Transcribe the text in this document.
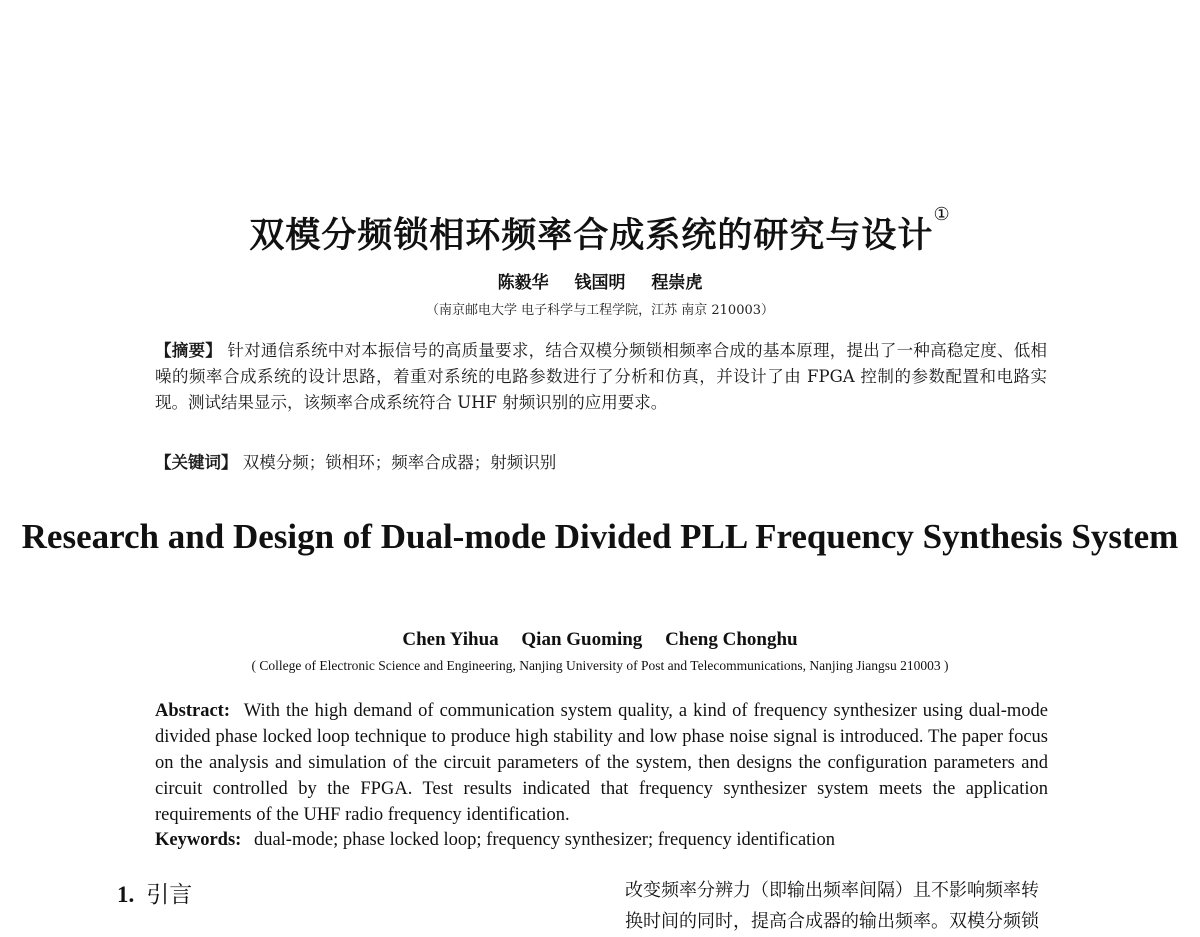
双模分频锁相环频率合成系统的研究与设计①
陈毅华 钱国明 程崇虎
（南京邮电大学 电子科学与工程学院，江苏 南京 210003）
【摘要】 针对通信系统中对本振信号的高质量要求，结合双模分频锁相频率合成的基本原理，提出了一种高稳定度、低相噪的频率合成系统的设计思路，着重对系统的电路参数进行了分析和仿真，并设计了由 FPGA 控制的参数配置和电路实现。测试结果显示，该频率合成系统符合 UHF 射频识别的应用要求。
【关键词】 双模分频；锁相环；频率合成器；射频识别
Research and Design of Dual-mode Divided PLL Frequency Synthesis System
Chen Yihua Qian Guoming Cheng Chonghu
( College of Electronic Science and Engineering, Nanjing University of Post and Telecommunications, Nanjing Jiangsu 210003 )
Abstract: With the high demand of communication system quality, a kind of frequency synthesizer using dual-mode divided phase locked loop technique to produce high stability and low phase noise signal is introduced. The paper focus on the analysis and simulation of the circuit parameters of the system, then designs the configuration parameters and circuit controlled by the FPGA. Test results indicated that frequency synthesizer system meets the application requirements of the UHF radio frequency identification.
Keywords: dual-mode; phase locked loop; frequency synthesizer; frequency identification
1. 引言	改变频率分辨力（即输出频率间隔）且不影响频率转
换时间的同时，提高合成器的输出频率。双模分频锁
